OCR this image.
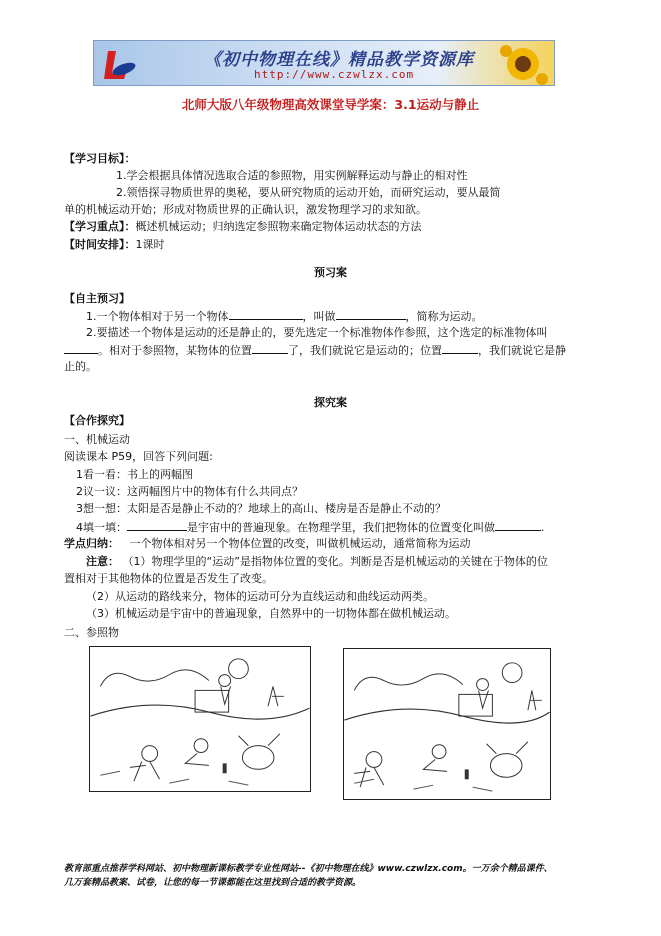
《初中物理在线》精品教学资源库
http://www.czwlzx.com
北师大版八年级物理高效课堂导学案：3.1运动与静止
【学习目标】：
1.学会根据具体情况选取合适的参照物，用实例解释运动与静止的相对性
2.领悟探寻物质世界的奥秘，要从研究物质的运动开始，而研究运动，要从最简
单的机械运动开始；形成对物质世界的正确认识，激发物理学习的求知欲。
【学习重点】：概述机械运动；归纳选定参照物来确定物体运动状态的方法
【时间安排】：1课时
预习案
【自主预习】
1.一个物体相对于另一个物体	，叫做	，简称为运动。
2.要描述一个物体是运动的还是静止的，要先选定一个标准物体作参照，这个选定的标准物体叫
。相对于参照物，某物体的位置	了，我们就说它是运动的；位置	，我们就说它是静
止的。
探究案
【合作探究】
一、机械运动
阅读课本 P59，回答下列问题:
1看一看：书上的两幅图
2议一议：这两幅图片中的物体有什么共同点？
3想一想：太阳是否是静止不动的？地球上的高山、楼房是否是静止不动的？
4填一填：	是宇宙中的普遍现象。在物理学里，我们把物体的位置变化叫做	.
学点归纳： 一个物体相对另一个物体位置的改变，叫做机械运动，通常简称为运动
注意： （1）物理学里的“运动”是指物体位置的变化。判断是否是机械运动的关键在于物体的位
置相对于其他物体的位置是否发生了改变。
（2）从运动的路线来分，物体的运动可分为直线运动和曲线运动两类。
（3）机械运动是宇宙中的普遍现象，自然界中的一切物体都在做机械运动。
二、参照物
教育部重点推荐学科网站、初中物理新课标教学专业性网站--《初中物理在线》www.czwlzx.com。一万余个精品课件、
几万套精品教案、试卷，让您的每一节课都能在这里找到合适的教学资源。
